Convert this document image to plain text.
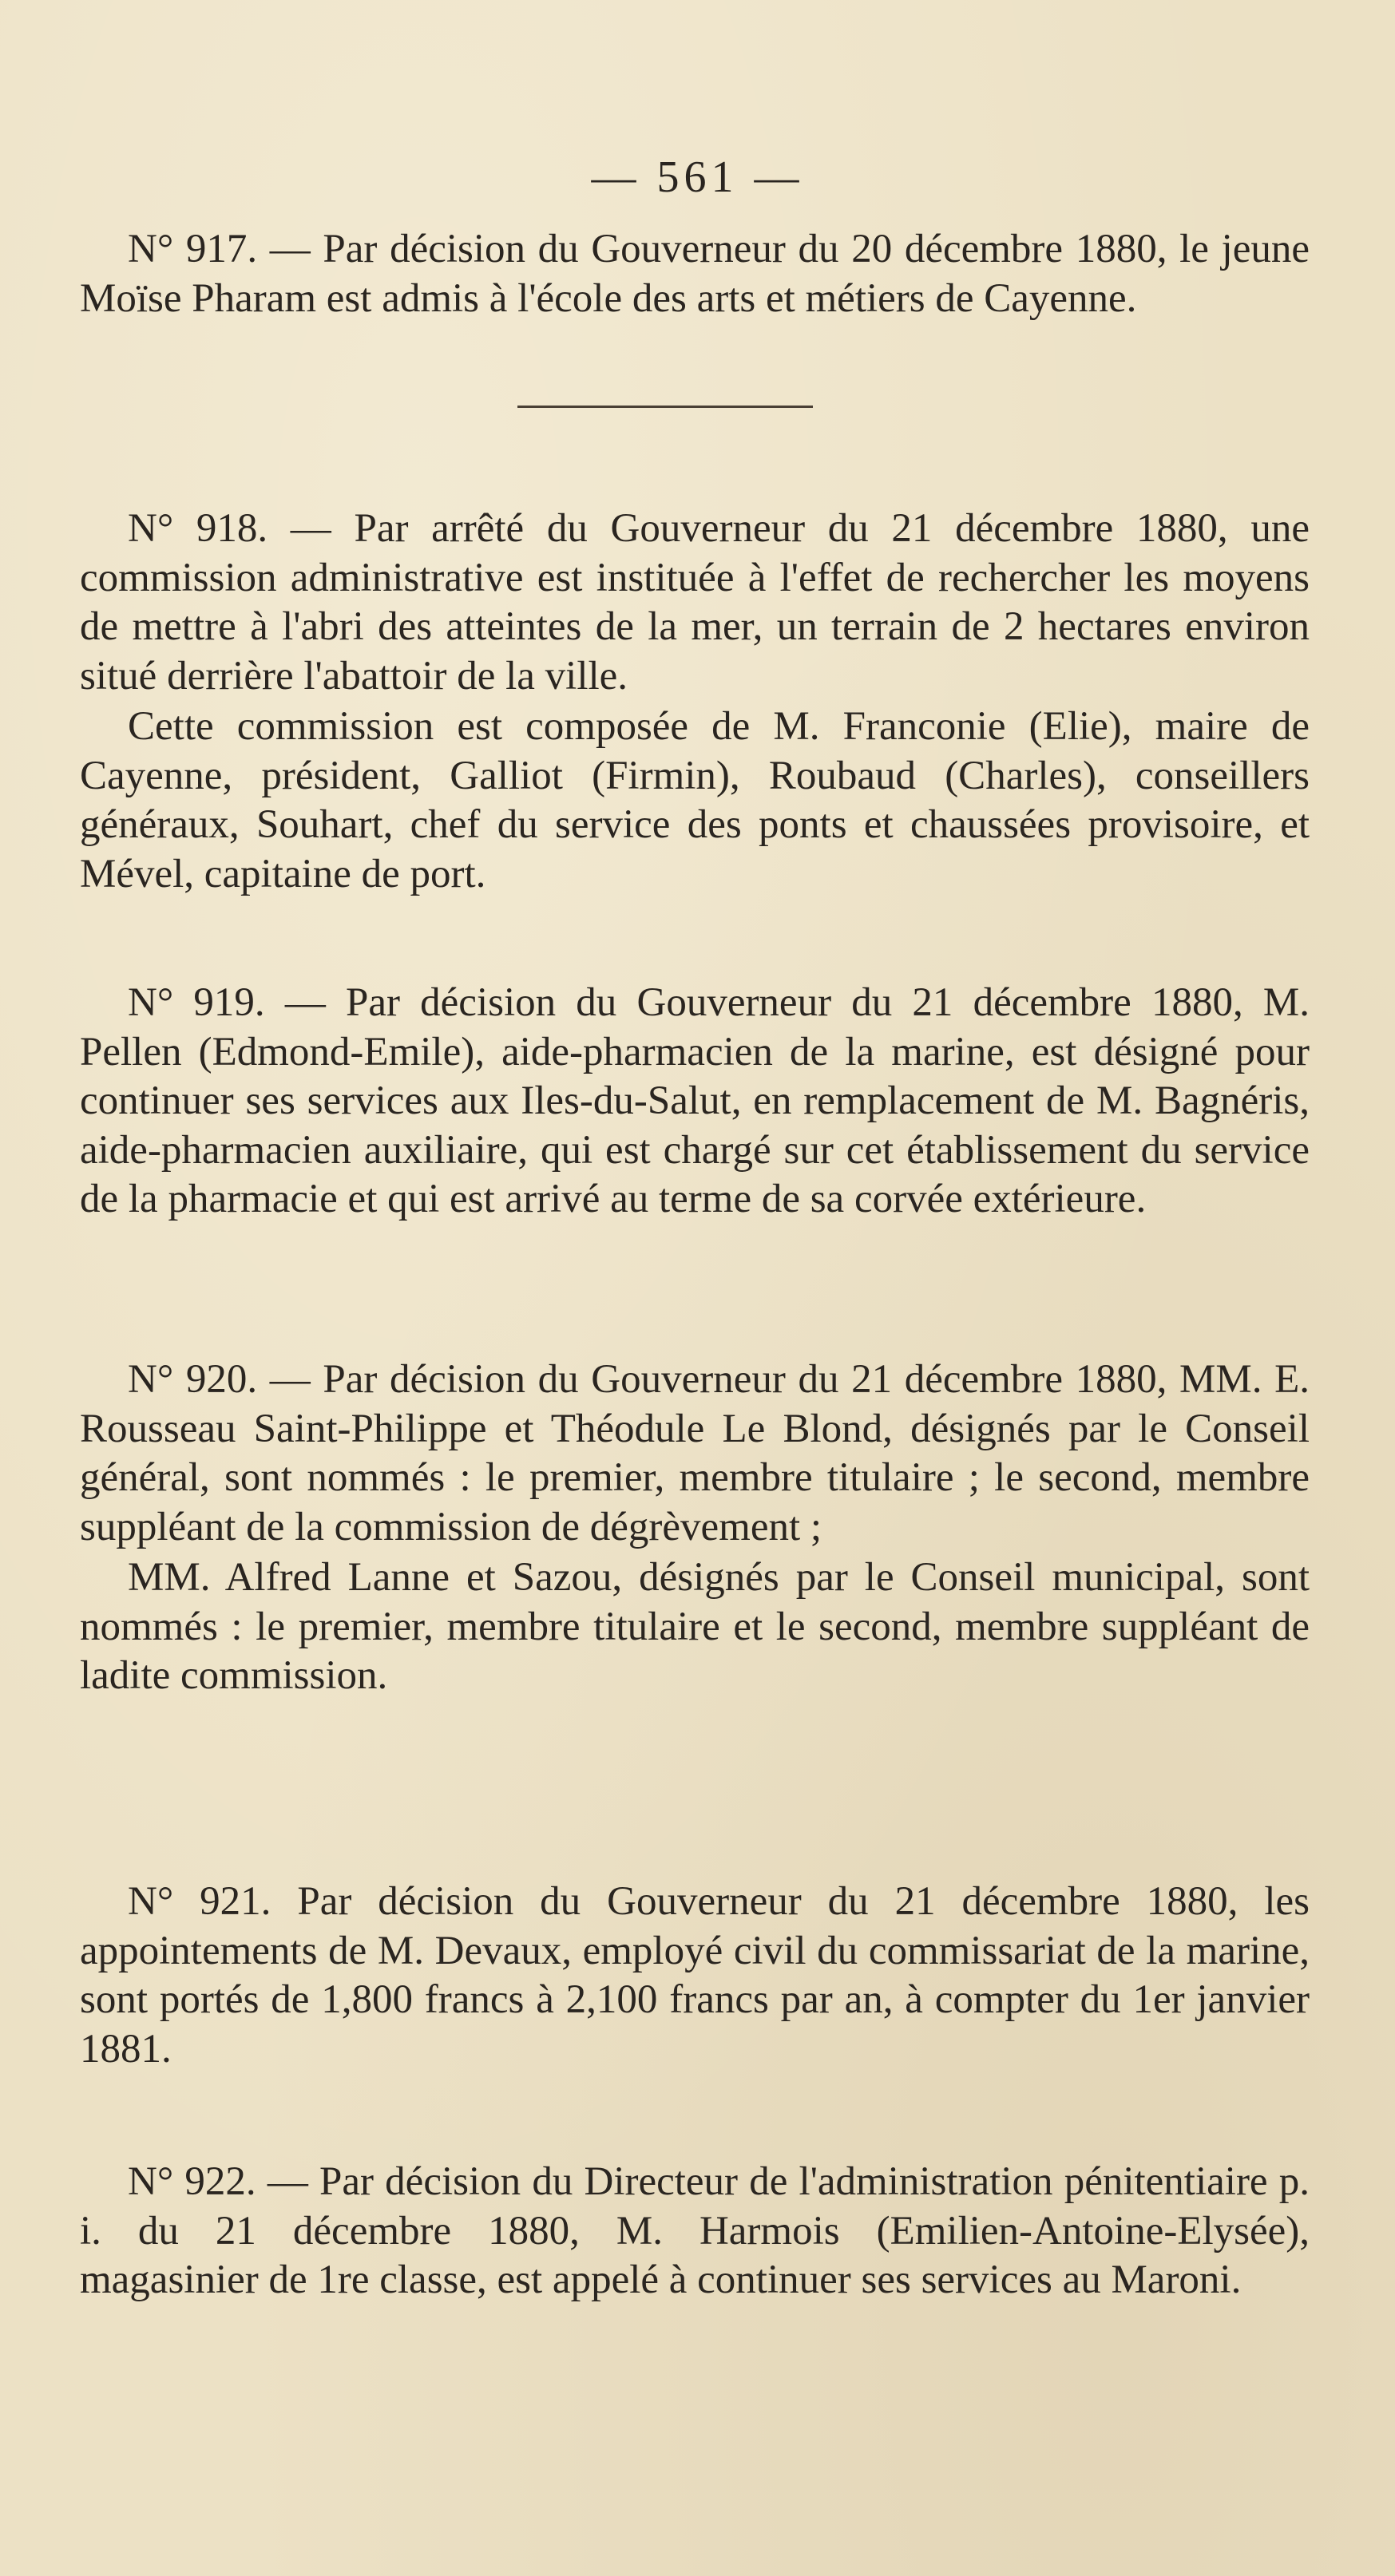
— 561 —

N° 917. — Par décision du Gouverneur du 20 décembre 1880, le jeune Moïse Pharam est admis à l'école des arts et métiers de Cayenne.

N° 918. — Par arrêté du Gouverneur du 21 décembre 1880, une commission administrative est instituée à l'effet de rechercher les moyens de mettre à l'abri des atteintes de la mer, un terrain de 2 hectares environ situé derrière l'abattoir de la ville.

Cette commission est composée de M. Franconie (Elie), maire de Cayenne, président, Galliot (Firmin), Roubaud (Charles), conseillers généraux, Souhart, chef du service des ponts et chaussées provisoire, et Mével, capitaine de port.

N° 919. — Par décision du Gouverneur du 21 décembre 1880, M. Pellen (Edmond-Emile), aide-pharmacien de la marine, est désigné pour continuer ses services aux Iles-du-Salut, en remplacement de M. Bagnéris, aide-pharmacien auxiliaire, qui est chargé sur cet établissement du service de la pharmacie et qui est arrivé au terme de sa corvée extérieure.

N° 920. — Par décision du Gouverneur du 21 décembre 1880, MM. E. Rousseau Saint-Philippe et Théodule Le Blond, désignés par le Conseil général, sont nommés : le premier, membre titulaire ; le second, membre suppléant de la commission de dégrèvement ;

MM. Alfred Lanne et Sazou, désignés par le Conseil municipal, sont nommés : le premier, membre titulaire et le second, membre suppléant de ladite commission.

N° 921. Par décision du Gouverneur du 21 décembre 1880, les appointements de M. Devaux, employé civil du commissariat de la marine, sont portés de 1,800 francs à 2,100 francs par an, à compter du 1er janvier 1881.

N° 922. — Par décision du Directeur de l'administration pénitentiaire p. i. du 21 décembre 1880, M. Harmois (Emilien-Antoine-Elysée), magasinier de 1re classe, est appelé à continuer ses services au Maroni.
